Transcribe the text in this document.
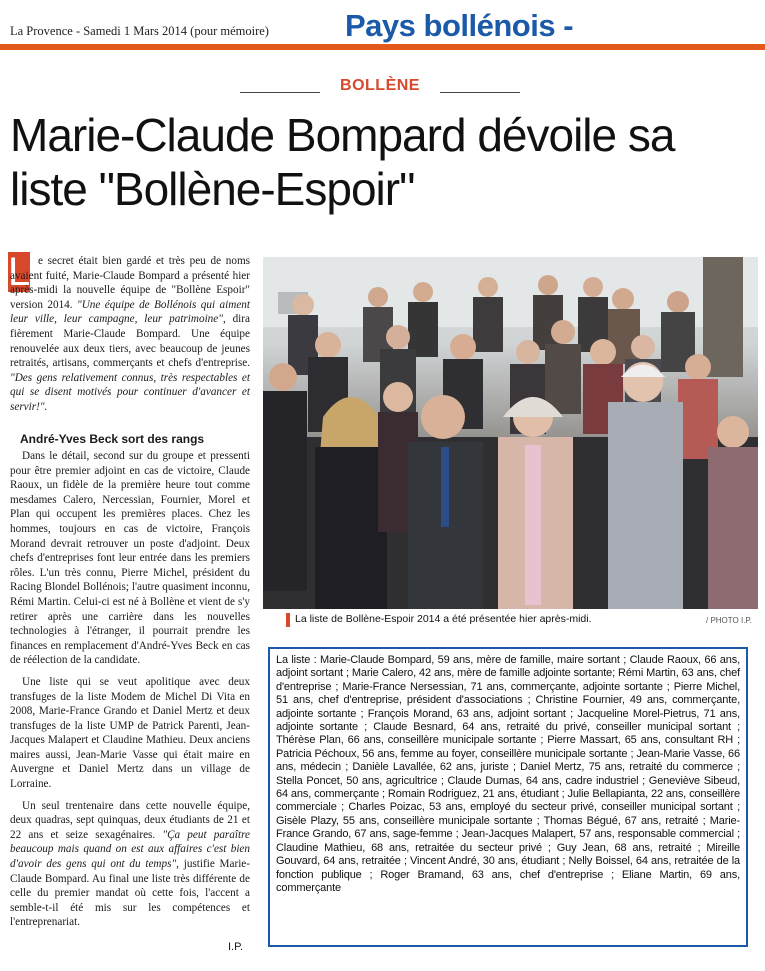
La Provence - Samedi 1 Mars 2014 (pour mémoire) Pays bollénois -
BOLLÈNE
Marie-Claude Bompard dévoile sa liste "Bollène-Espoir"
L e secret était bien gardé et très peu de noms avaient fuité, Marie-Claude Bompard a présenté hier après-midi la nouvelle équipe de "Bollène Espoir" version 2014. "Une équipe de Bollénois qui aiment leur ville, leur campagne, leur patrimoine", dira fièrement Marie-Claude Bompard. Une équipe renouvelée aux deux tiers, avec beaucoup de jeunes retraités, artisans, commerçants et chefs d'entreprise. "Des gens relativement connus, très respectables et qui se disent motivés pour continuer d'avancer et servir!".

André-Yves Beck sort des rangs

Dans le détail, second sur du groupe et pressenti pour être premier adjoint en cas de victoire, Claude Raoux, un fidèle de la première heure tout comme mesdames Calero, Nercessian, Fournier, Morel et Plan qui occupent les premières places. Chez les hommes, toujours en cas de victoire, François Morand devrait retrouver un poste d'adjoint. Deux chefs d'entreprises font leur entrée dans les premiers rôles. L'un très connu, Pierre Michel, président du Racing Blondel Bollénois; l'autre quasiment inconnu, Rémi Martin. Celui-ci est né à Bollène et vient de s'y retirer après une carrière dans les nouvelles technologies à l'étranger, il pourrait prendre les finances en remplacement d'André-Yves Beck en cas de réélection de la candidate.

Une liste qui se veut apolitique avec deux transfuges de la liste Modem de Michel Di Vita en 2008, Marie-France Grando et Daniel Mertz et deux transfuges de la liste UMP de Patrick Parenti, Jean-Jacques Malapert et Claudine Mathieu. Deux anciens maires aussi, Jean-Marie Vasse qui était maire en Auvergne et Daniel Mertz dans un village de Lorraine.

Un seul trentenaire dans cette nouvelle équipe, deux quadras, sept quinquas, deux étudiants de 21 et 22 ans et seize sexagénaires. "Ça peut paraître beaucoup mais quand on est aux affaires c'est bien d'avoir des gens qui ont du temps", justifie Marie-Claude Bompard. Au final une liste très différente de celle du premier mandat où cette fois, l'accent a semble-t-il été mis sur les compétences et l'entreprenariat.

I.P.
La liste de Bollène-Espoir 2014 a été présentée hier après-midi.	/ PHOTO I.P.
La liste : Marie-Claude Bompard, 59 ans, mère de famille, maire sortant ; Claude Raoux, 66 ans, adjoint sortant ; Marie Calero, 42 ans, mère de famille adjointe sortante; Rémi Martin, 63 ans, chef d'entreprise ; Marie-France Nersessian, 71 ans, commerçante, adjointe sortante ; Pierre Michel, 51 ans, chef d'entreprise, président d'associations ; Christine Fournier, 49 ans, commerçante, adjointe sortante ; François Morand, 63 ans, adjoint sortant ; Jacqueline Morel-Pietrus, 71 ans, adjointe sortante ; Claude Besnard, 64 ans, retraité du privé, conseiller municipal sortant ; Thérèse Plan, 66 ans, conseillère municipale sortante ; Pierre Massart, 65 ans, consultant RH ; Patricia Péchoux, 56 ans, femme au foyer, conseillère municipale sortante ; Jean-Marie Vasse, 66 ans, médecin ; Danièle Lavallée, 62 ans, juriste ; Daniel Mertz, 75 ans, retraité du commerce ; Stella Poncet, 50 ans, agricultrice ; Claude Dumas, 64 ans, cadre industriel ; Geneviève Sibeud, 64 ans, commerçante ; Romain Rodriguez, 21 ans, étudiant ; Julie Bellapianta, 22 ans, conseillère commerciale ; Charles Poizac, 53 ans, employé du secteur privé, conseiller municipal sortant ; Gisèle Plazy, 55 ans, conseillère municipale sortante ; Thomas Bégué, 67 ans, retraité ; Marie-France Grando, 67 ans, sage-femme ; Jean-Jacques Malapert, 57 ans, responsable commercial ; Claudine Mathieu, 68 ans, retraitée du secteur privé ; Guy Jean, 68 ans, retraité ; Mireille Gouvard, 64 ans, retraitée ; Vincent André, 30 ans, étudiant ; Nelly Boissel, 64 ans, retraitée de la fonction publique ; Roger Bramand, 63 ans, chef d'entreprise ; Eliane Martin, 69 ans, commerçante
